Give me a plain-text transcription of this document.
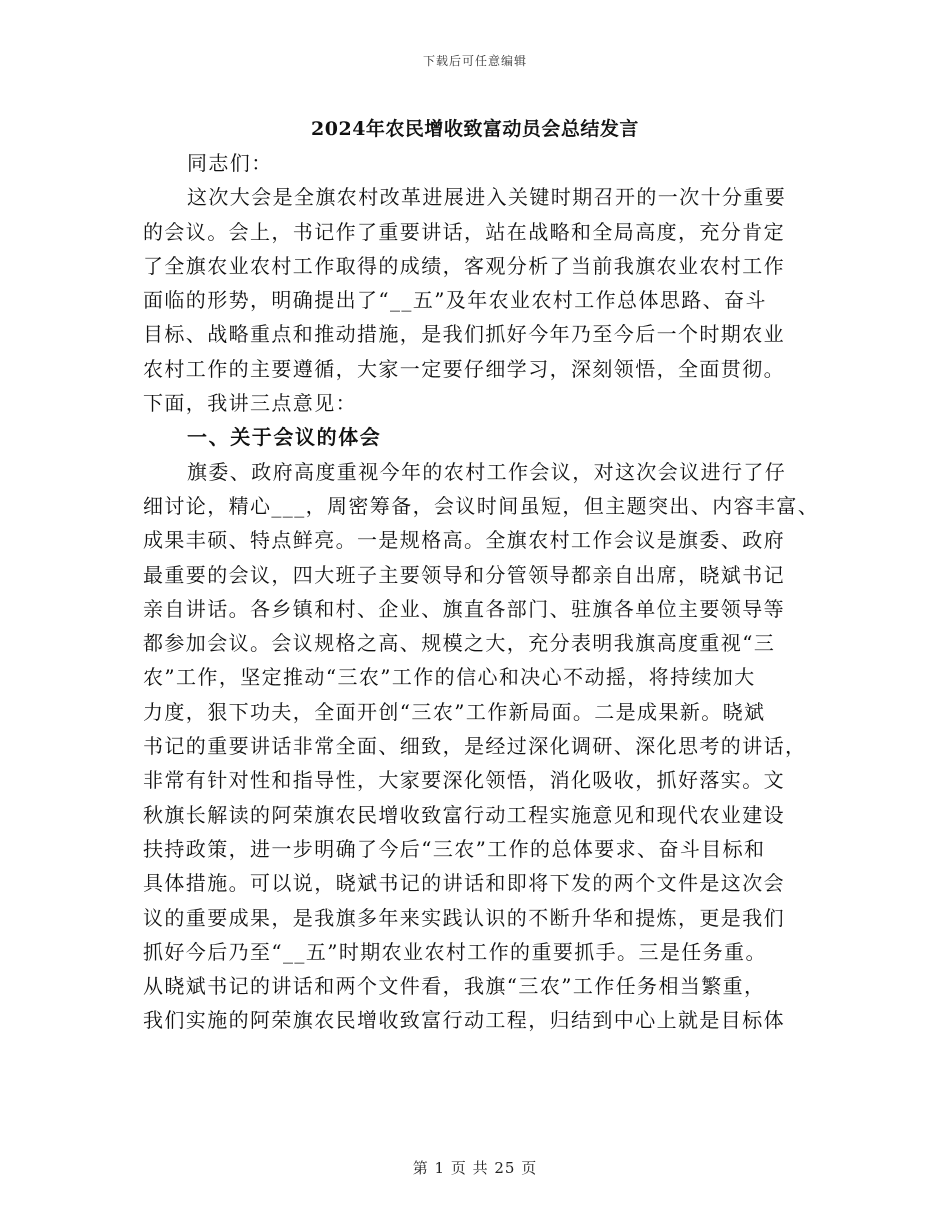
下载后可任意编辑
2024年农民增收致富动员会总结发言
同志们：
这次大会是全旗农村改革进展进入关键时期召开的一次十分重要
的会议。会上，书记作了重要讲话，站在战略和全局高度，充分肯定
了全旗农业农村工作取得的成绩，客观分析了当前我旗农业农村工作
面临的形势，明确提出了“__五”及年农业农村工作总体思路、奋斗
目标、战略重点和推动措施，是我们抓好今年乃至今后一个时期农业
农村工作的主要遵循，大家一定要仔细学习，深刻领悟，全面贯彻。
下面，我讲三点意见：
一、关于会议的体会
旗委、政府高度重视今年的农村工作会议，对这次会议进行了仔
细讨论，精心___，周密筹备，会议时间虽短，但主题突出、内容丰富、
成果丰硕、特点鲜亮。一是规格高。全旗农村工作会议是旗委、政府
最重要的会议，四大班子主要领导和分管领导都亲自出席，晓斌书记
亲自讲话。各乡镇和村、企业、旗直各部门、驻旗各单位主要领导等
都参加会议。会议规格之高、规模之大，充分表明我旗高度重视“三
农”工作，坚定推动“三农”工作的信心和决心不动摇，将持续加大
力度，狠下功夫，全面开创“三农”工作新局面。二是成果新。晓斌
书记的重要讲话非常全面、细致，是经过深化调研、深化思考的讲话，
非常有针对性和指导性，大家要深化领悟，消化吸收，抓好落实。文
秋旗长解读的阿荣旗农民增收致富行动工程实施意见和现代农业建设
扶持政策，进一步明确了今后“三农”工作的总体要求、奋斗目标和
具体措施。可以说，晓斌书记的讲话和即将下发的两个文件是这次会
议的重要成果，是我旗多年来实践认识的不断升华和提炼，更是我们
抓好今后乃至“__五”时期农业农村工作的重要抓手。三是任务重。
从晓斌书记的讲话和两个文件看，我旗“三农”工作任务相当繁重，
我们实施的阿荣旗农民增收致富行动工程，归结到中心上就是目标体
第 1 页 共 25 页
